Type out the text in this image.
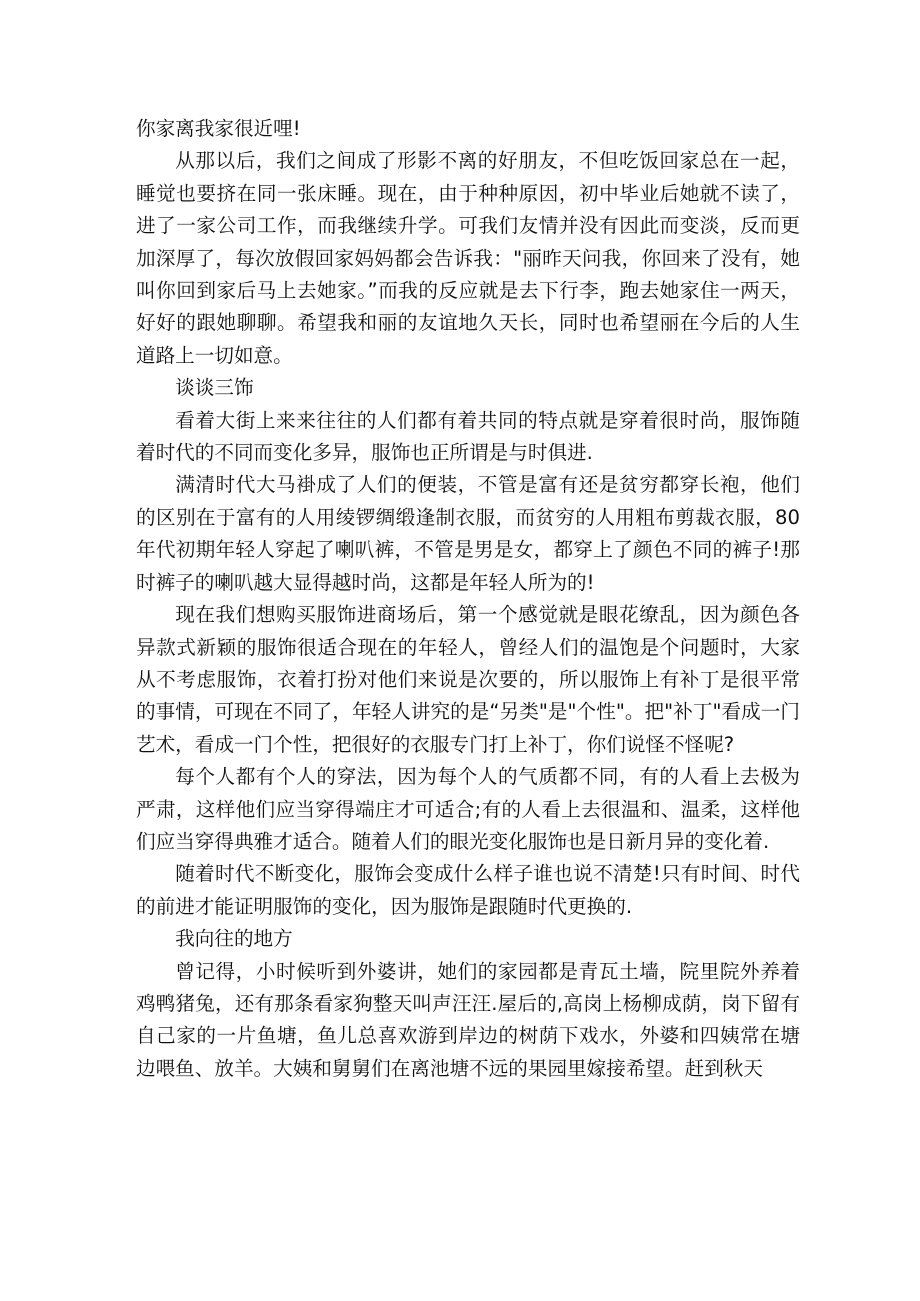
你家离我家很近哩!

从那以后，我们之间成了形影不离的好朋友，不但吃饭回家总在一起，睡觉也要挤在同一张床睡。现在，由于种种原因，初中毕业后她就不读了，进了一家公司工作，而我继续升学。可我们友情并没有因此而变淡，反而更加深厚了，每次放假回家妈妈都会告诉我："丽昨天问我，你回来了没有，她叫你回到家后马上去她家。”而我的反应就是去下行李，跑去她家住一两天，好好的跟她聊聊。希望我和丽的友谊地久天长，同时也希望丽在今后的人生道路上一切如意。

谈谈三饰

看着大街上来来往往的人们都有着共同的特点就是穿着很时尚，服饰随着时代的不同而变化多异，服饰也正所谓是与时俱进.

满清时代大马褂成了人们的便装，不管是富有还是贫穷都穿长袍，他们的区别在于富有的人用绫锣绸缎逢制衣服，而贫穷的人用粗布剪裁衣服，80年代初期年轻人穿起了喇叭裤，不管是男是女，都穿上了颜色不同的裤子!那时裤子的喇叭越大显得越时尚，这都是年轻人所为的!

现在我们想购买服饰进商场后，第一个感觉就是眼花缭乱，因为颜色各异款式新颖的服饰很适合现在的年轻人，曾经人们的温饱是个问题时，大家从不考虑服饰，衣着打扮对他们来说是次要的，所以服饰上有补丁是很平常的事情，可现在不同了，年轻人讲究的是“另类"是"个性"。把"补丁"看成一门艺术，看成一门个性，把很好的衣服专门打上补丁，你们说怪不怪呢?

每个人都有个人的穿法，因为每个人的气质都不同，有的人看上去极为严肃，这样他们应当穿得端庄才可适合;有的人看上去很温和、温柔，这样他们应当穿得典雅才适合。随着人们的眼光变化服饰也是日新月异的变化着.

随着时代不断变化，服饰会变成什么样子谁也说不清楚!只有时间、时代的前进才能证明服饰的变化，因为服饰是跟随时代更换的.

我向往的地方

曾记得，小时候听到外婆讲，她们的家园都是青瓦土墙，院里院外养着鸡鸭猪兔，还有那条看家狗整天叫声汪汪.屋后的,高岗上杨柳成荫，岗下留有自己家的一片鱼塘，鱼儿总喜欢游到岸边的树荫下戏水，外婆和四姨常在塘边喂鱼、放羊。大姨和舅舅们在离池塘不远的果园里嫁接希望。赶到秋天
